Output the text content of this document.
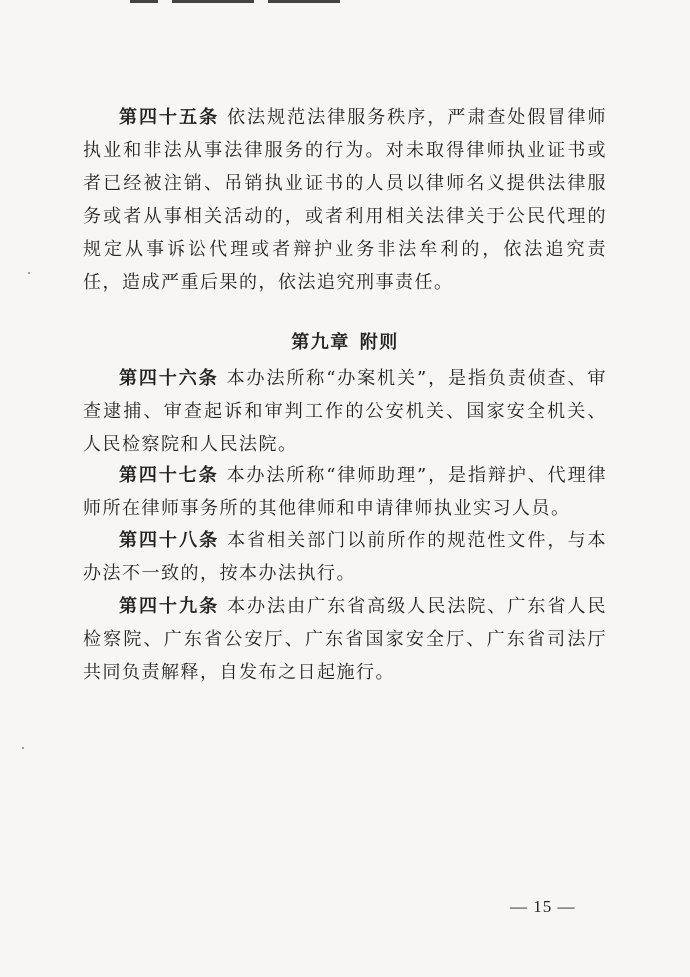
第四十五条 依法规范法律服务秩序，严肃查处假冒律师执业和非法从事法律服务的行为。对未取得律师执业证书或者已经被注销、吊销执业证书的人员以律师名义提供法律服务或者从事相关活动的，或者利用相关法律关于公民代理的规定从事诉讼代理或者辩护业务非法牟利的，依法追究责任，造成严重后果的，依法追究刑事责任。

第九章 附则

第四十六条 本办法所称“办案机关”，是指负责侦查、审查逮捕、审查起诉和审判工作的公安机关、国家安全机关、人民检察院和人民法院。

第四十七条 本办法所称“律师助理”，是指辩护、代理律师所在律师事务所的其他律师和申请律师执业实习人员。

第四十八条 本省相关部门以前所作的规范性文件，与本办法不一致的，按本办法执行。

第四十九条 本办法由广东省高级人民法院、广东省人民检察院、广东省公安厅、广东省国家安全厅、广东省司法厅共同负责解释，自发布之日起施行。

— 15 —
